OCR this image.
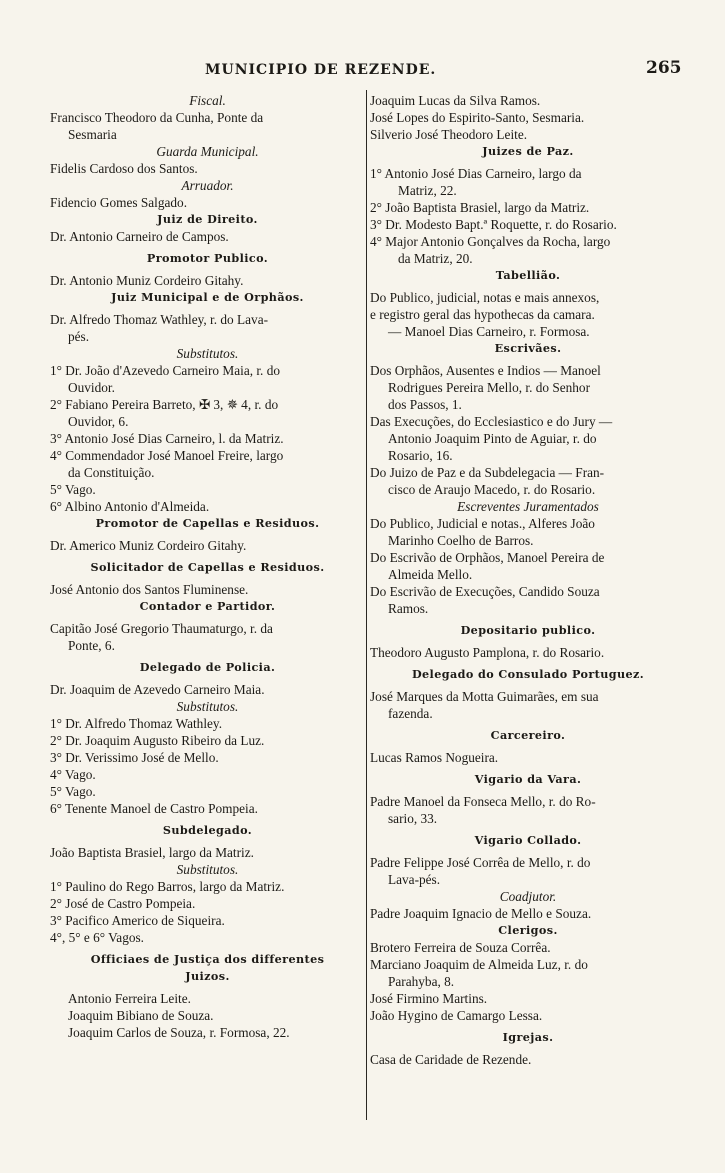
MUNICIPIO DE REZENDE.	265
Fiscal.
Francisco Theodoro da Cunha, Ponte da
Sesmaria
Guarda Municipal.
Fidelis Cardoso dos Santos.
Arruador.
Fidencio Gomes Salgado.
Juiz de Direito.
Dr. Antonio Carneiro de Campos.
Promotor Publico.
Dr. Antonio Muniz Cordeiro Gitahy.
Juiz Municipal e de Orphãos.
Dr. Alfredo Thomaz Wathley, r. do Lava-
pés.
Substitutos.
1° Dr. João d'Azevedo Carneiro Maia, r. do
Ouvidor.
2° Fabiano Pereira Barreto, ✠ 3, ✵ 4, r. do
Ouvidor, 6.
3° Antonio José Dias Carneiro, l. da Matriz.
4° Commendador José Manoel Freire, largo
da Constituição.
5° Vago.
6° Albino Antonio d'Almeida.
Promotor de Capellas e Residuos.
Dr. Americo Muniz Cordeiro Gitahy.
Solicitador de Capellas e Residuos.
José Antonio dos Santos Fluminense.
Contador e Partidor.
Capitão José Gregorio Thaumaturgo, r. da
Ponte, 6.
Delegado de Policia.
Dr. Joaquim de Azevedo Carneiro Maia.
Substitutos.
1° Dr. Alfredo Thomaz Wathley.
2° Dr. Joaquim Augusto Ribeiro da Luz.
3° Dr. Verissimo José de Mello.
4° Vago.
5° Vago.
6° Tenente Manoel de Castro Pompeia.
Subdelegado.
João Baptista Brasiel, largo da Matriz.
Substitutos.
1° Paulino do Rego Barros, largo da Matriz.
2° José de Castro Pompeia.
3° Pacifico Americo de Siqueira.
4°, 5° e 6° Vagos.
Officiaes de Justiça dos differentes
Juizos.
Antonio Ferreira Leite.
Joaquim Bibiano de Souza.
Joaquim Carlos de Souza, r. Formosa, 22.
Joaquim Lucas da Silva Ramos.
José Lopes do Espirito-Santo, Sesmaria.
Silverio José Theodoro Leite.
Juizes de Paz.
1° Antonio José Dias Carneiro, largo da
Matriz, 22.
2° João Baptista Brasiel, largo da Matriz.
3° Dr. Modesto Bapt.ª Roquette, r. do Rosario.
4° Major Antonio Gonçalves da Rocha, largo
da Matriz, 20.
Tabellião.
Do Publico, judicial, notas e mais annexos,
e registro geral das hypothecas da camara.
— Manoel Dias Carneiro, r. Formosa.
Escrivães.
Dos Orphãos, Ausentes e Indios — Manoel
Rodrigues Pereira Mello, r. do Senhor
dos Passos, 1.
Das Execuções, do Ecclesiastico e do Jury —
Antonio Joaquim Pinto de Aguiar, r. do
Rosario, 16.
Do Juizo de Paz e da Subdelegacia — Fran-
cisco de Araujo Macedo, r. do Rosario.
Escreventes Juramentados
Do Publico, Judicial e notas., Alferes João
Marinho Coelho de Barros.
Do Escrivão de Orphãos, Manoel Pereira de
Almeida Mello.
Do Escrivão de Execuções, Candido Souza
Ramos.
Depositario publico.
Theodoro Augusto Pamplona, r. do Rosario.
Delegado do Consulado Portuguez.
José Marques da Motta Guimarães, em sua
fazenda.
Carcereiro.
Lucas Ramos Nogueira.
Vigario da Vara.
Padre Manoel da Fonseca Mello, r. do Ro-
sario, 33.
Vigario Collado.
Padre Felippe José Corrêa de Mello, r. do
Lava-pés.
Coadjutor.
Padre Joaquim Ignacio de Mello e Souza.
Clerigos.
Brotero Ferreira de Souza Corrêa.
Marciano Joaquim de Almeida Luz, r. do
Parahyba, 8.
José Firmino Martins.
João Hygino de Camargo Lessa.
Igrejas.
Casa de Caridade de Rezende.
